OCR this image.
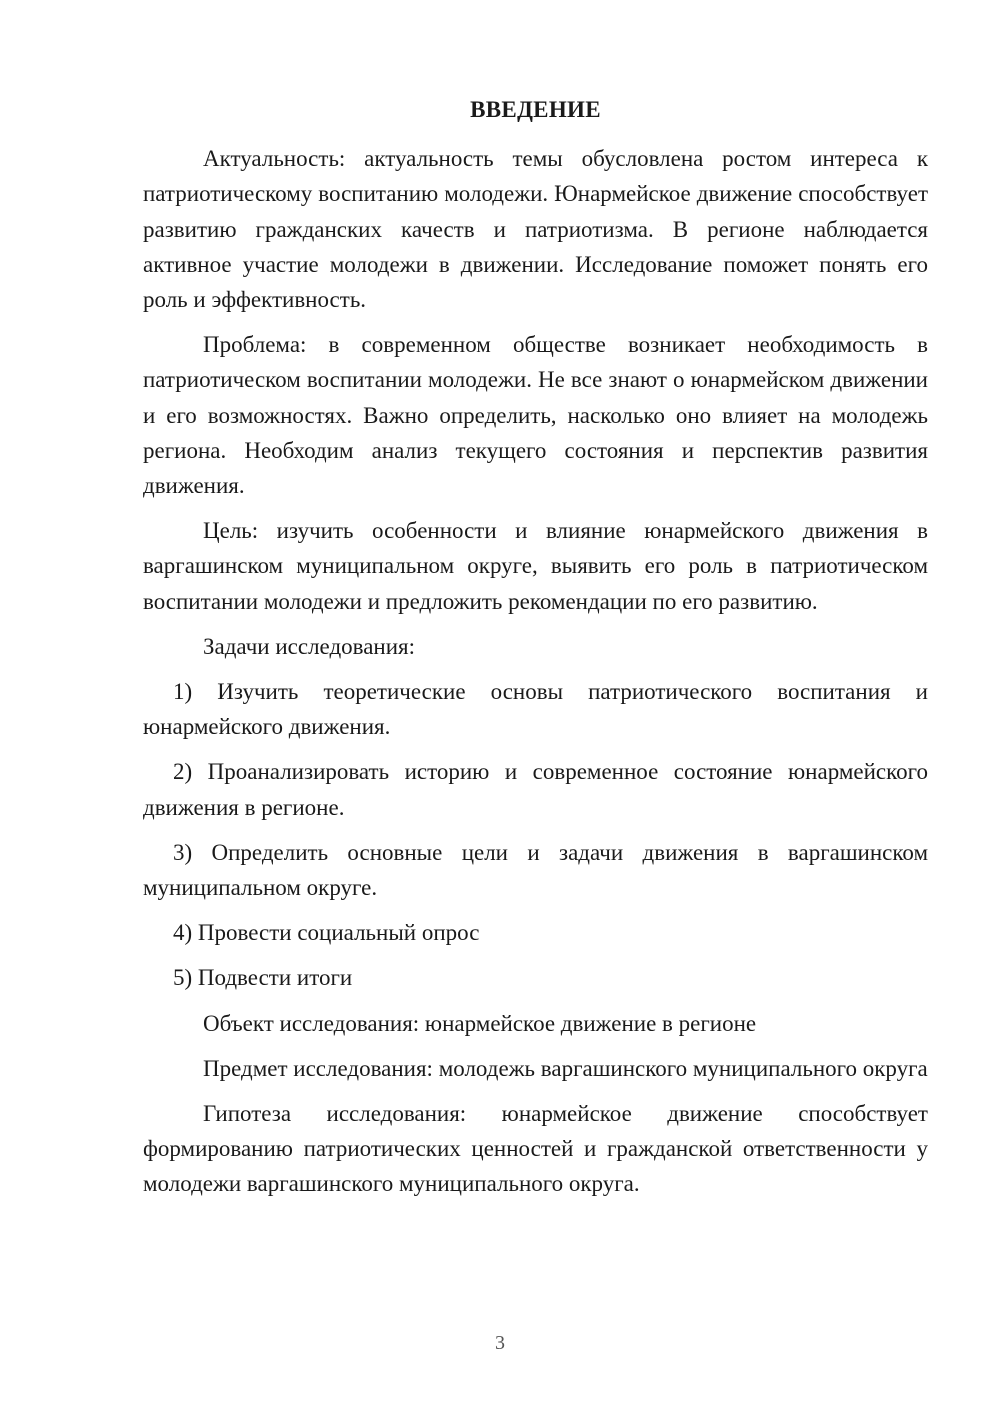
ВВЕДЕНИЕ

Актуальность: актуальность темы обусловлена ростом интереса к патриотическому воспитанию молодежи. Юнармейское движение способствует развитию гражданских качеств и патриотизма. В регионе наблюдается активное участие молодежи в движении. Исследование поможет понять его роль и эффективность.

Проблема: в современном обществе возникает необходимость в патриотическом воспитании молодежи. Не все знают о юнармейском движении и его возможностях. Важно определить, насколько оно влияет на молодежь региона. Необходим анализ текущего состояния и перспектив развития движения.

Цель: изучить особенности и влияние юнармейского движения в варгашинском муниципальном округе, выявить его роль в патриотическом воспитании молодежи и предложить рекомендации по его развитию.

Задачи исследования:

1) Изучить теоретические основы патриотического воспитания и юнармейского движения.

2) Проанализировать историю и современное состояние юнармейского движения в регионе.

3) Определить основные цели и задачи движения в варгашинском муниципальном округе.

4) Провести социальный опрос

5) Подвести итоги

Объект исследования: юнармейское движение в регионе

Предмет исследования: молодежь варгашинского муниципального округа

Гипотеза исследования: юнармейское движение способствует формированию патриотических ценностей и гражданской ответственности у молодежи варгашинского муниципального округа.

3
